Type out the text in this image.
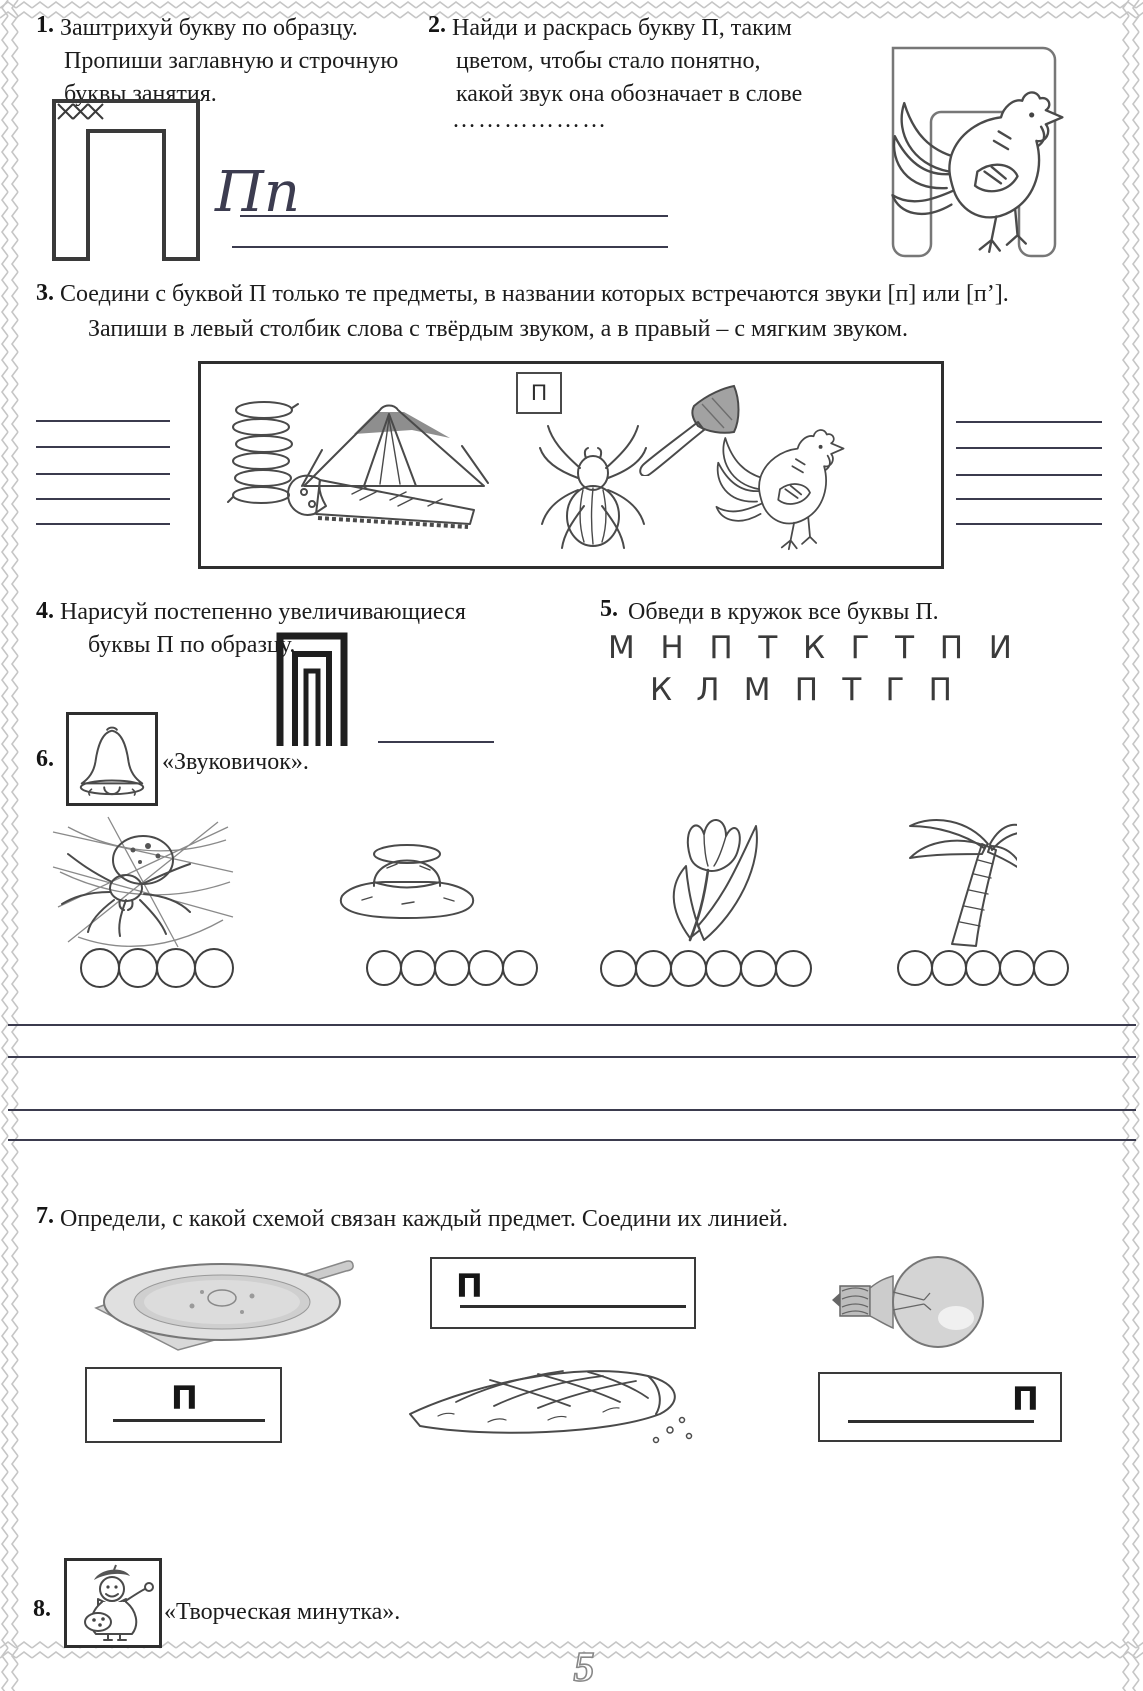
1. Заштрихуй букву по образцу.
Пропиши заглавную и строчную
буквы занятия.
Пп
2. Найди и раскрась букву П, таким
цветом, чтобы стало понятно,
какой звук она обозначает в слове
………………
3. Соедини с буквой П только те предметы, в названии которых встречаются звуки [п] или [п’].
Запиши в левый столбик слова с твёрдым звуком, а в правый – с мягким звуком.
П
4. Нарисуй постепенно увеличивающиеся
буквы П по образцу.
5. Обведи в кружок все буквы П.
М Н П Т К Г Т П И
К Л М П Т Г П
6.	«Звуковичок».
7. Определи, с какой схемой связан каждый предмет. Соедини их линией.
П
П	П
8.	«Творческая минутка».
5
